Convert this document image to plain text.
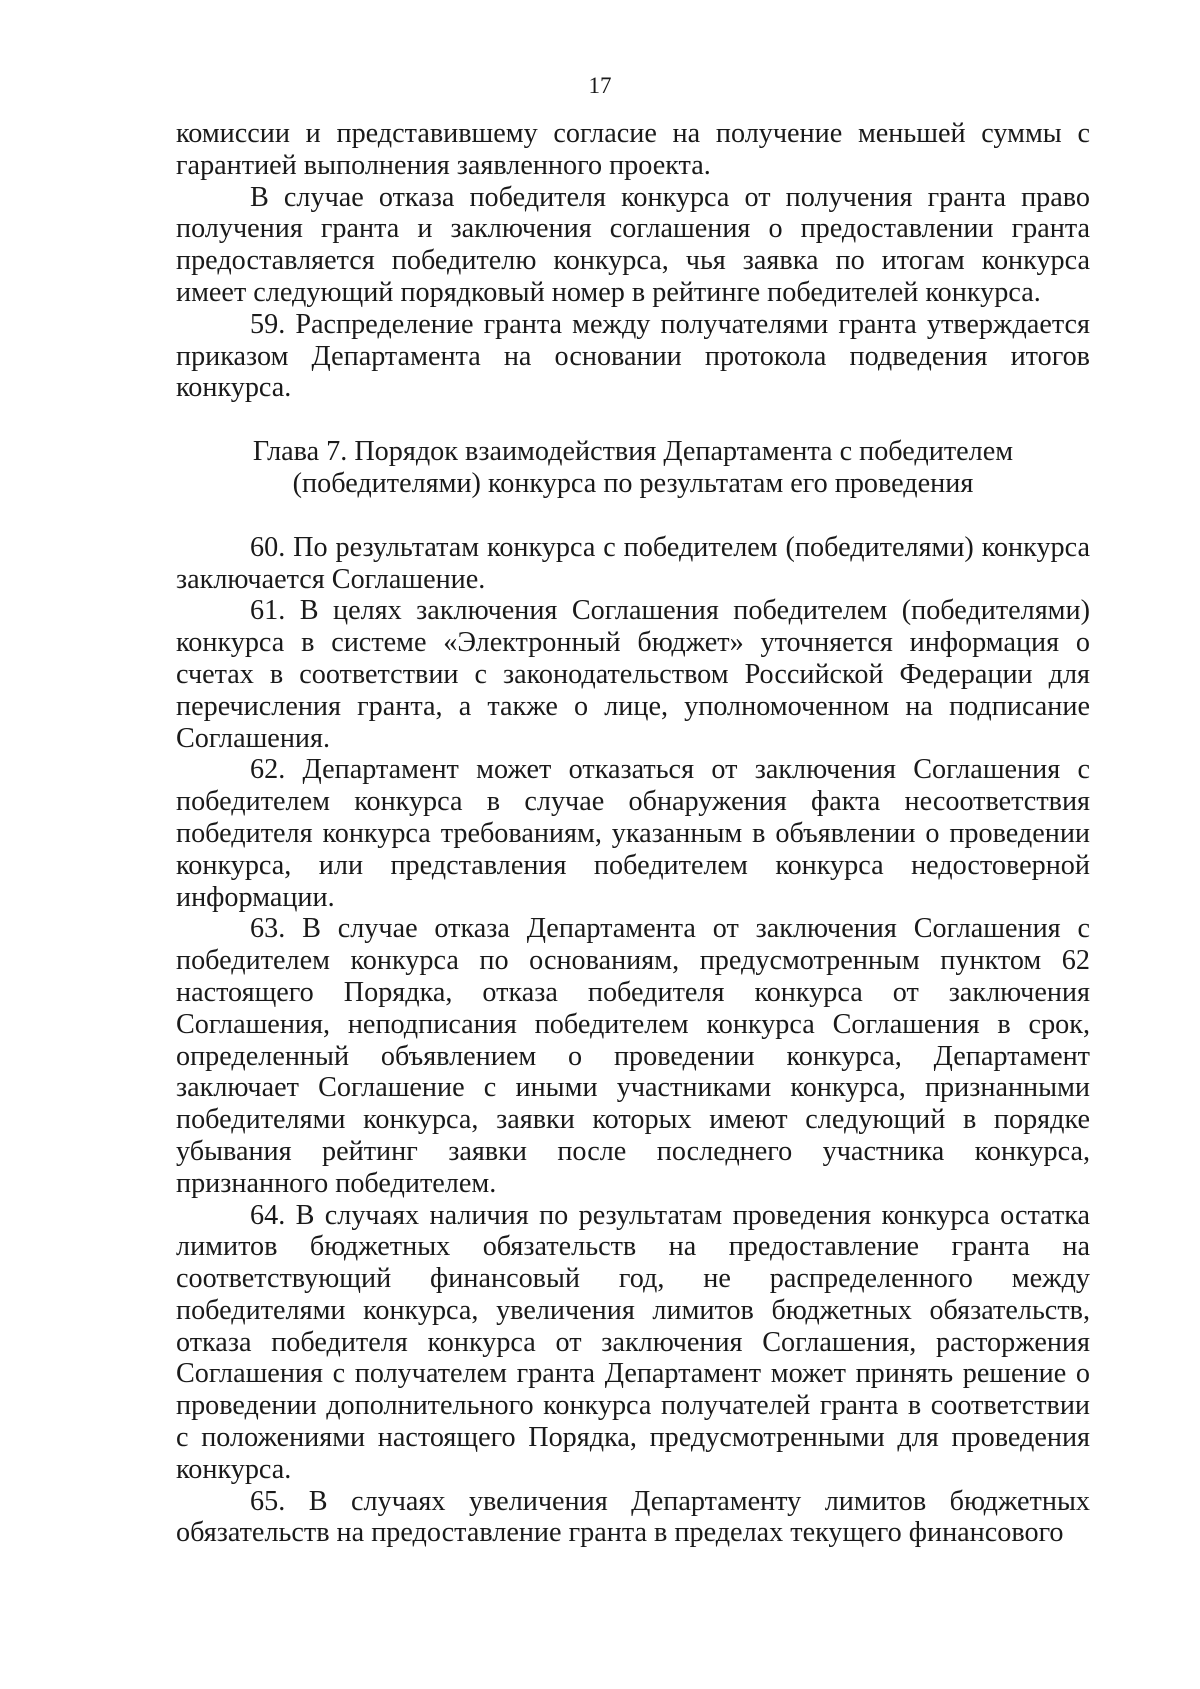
17

комиссии и представившему согласие на получение меньшей суммы с гарантией выполнения заявленного проекта.

В случае отказа победителя конкурса от получения гранта право получения гранта и заключения соглашения о предоставлении гранта предоставляется победителю конкурса, чья заявка по итогам конкурса имеет следующий порядковый номер в рейтинге победителей конкурса.

59. Распределение гранта между получателями гранта утверждается приказом Департамента на основании протокола подведения итогов конкурса.

Глава 7. Порядок взаимодействия Департамента с победителем
(победителями) конкурса по результатам его проведения

60. По результатам конкурса с победителем (победителями) конкурса заключается Соглашение.

61. В целях заключения Соглашения победителем (победителями) конкурса в системе «Электронный бюджет» уточняется информация о счетах в соответствии с законодательством Российской Федерации для перечисления гранта, а также о лице, уполномоченном на подписание Соглашения.

62. Департамент может отказаться от заключения Соглашения с победителем конкурса в случае обнаружения факта несоответствия победителя конкурса требованиям, указанным в объявлении о проведении конкурса, или представления победителем конкурса недостоверной информации.

63. В случае отказа Департамента от заключения Соглашения с победителем конкурса по основаниям, предусмотренным пунктом 62 настоящего Порядка, отказа победителя конкурса от заключения Соглашения, неподписания победителем конкурса Соглашения в срок, определенный объявлением о проведении конкурса, Департамент заключает Соглашение с иными участниками конкурса, признанными победителями конкурса, заявки которых имеют следующий в порядке убывания рейтинг заявки после последнего участника конкурса, признанного победителем.

64. В случаях наличия по результатам проведения конкурса остатка лимитов бюджетных обязательств на предоставление гранта на соответствующий финансовый год, не распределенного между победителями конкурса, увеличения лимитов бюджетных обязательств, отказа победителя конкурса от заключения Соглашения, расторжения Соглашения с получателем гранта Департамент может принять решение о проведении дополнительного конкурса получателей гранта в соответствии с положениями настоящего Порядка, предусмотренными для проведения конкурса.

65. В случаях увеличения Департаменту лимитов бюджетных обязательств на предоставление гранта в пределах текущего финансового
